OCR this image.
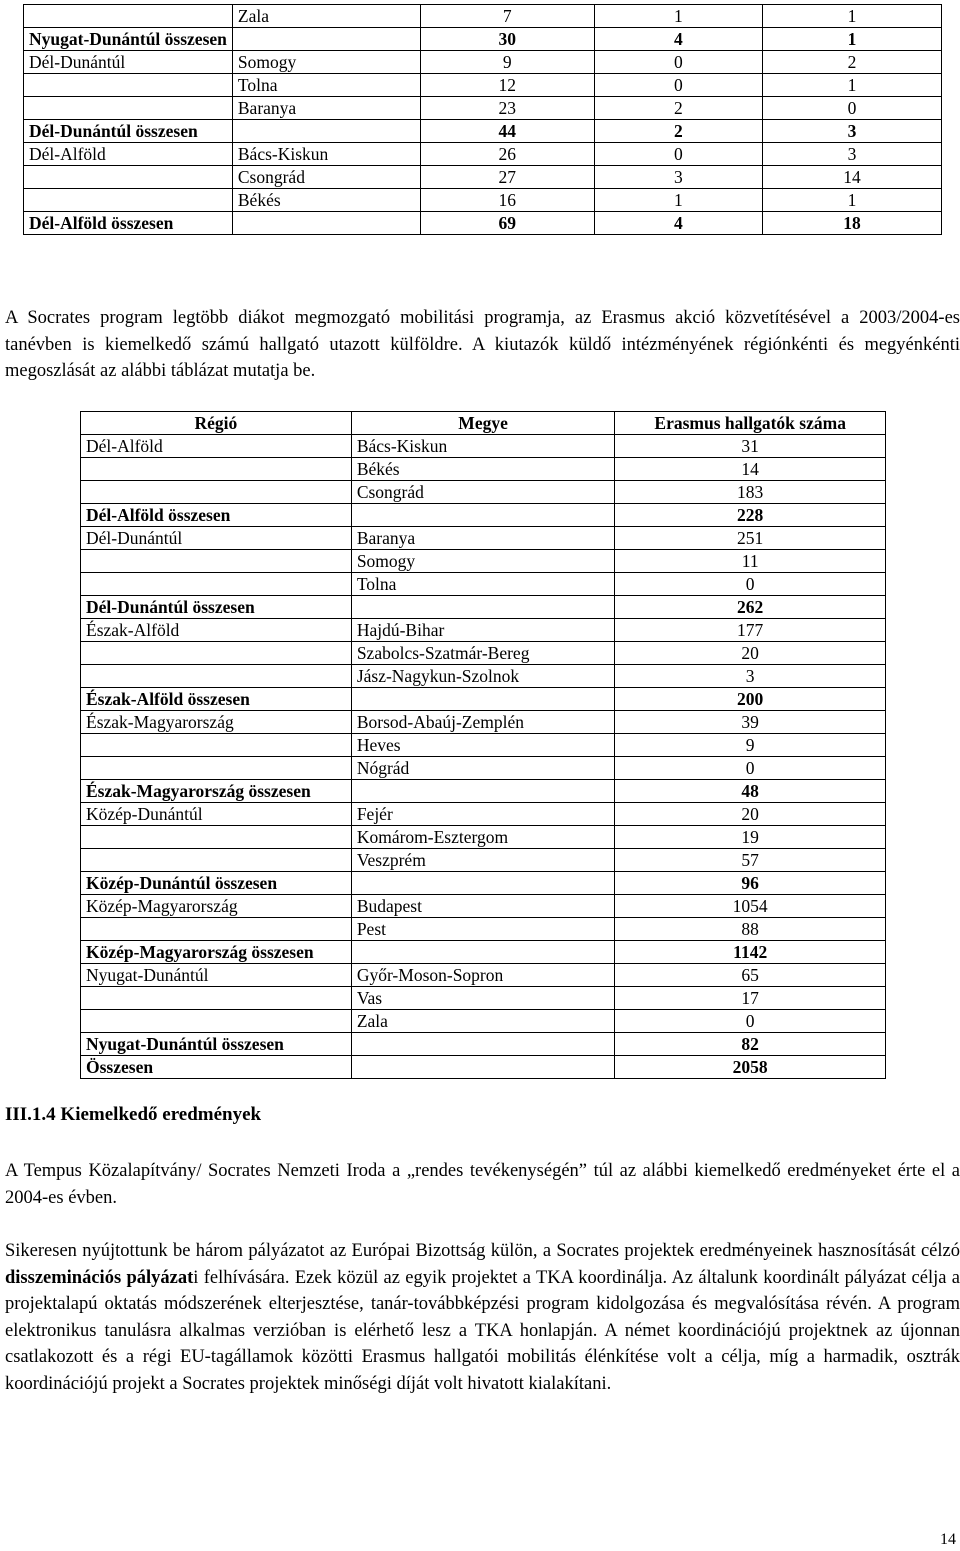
	Zala	7	1	1
Nyugat-Dunántúl összesen		30	4	1
Dél-Dunántúl	Somogy	9	0	2
	Tolna	12	0	1
	Baranya	23	2	0
Dél-Dunántúl összesen		44	2	3
Dél-Alföld	Bács-Kiskun	26	0	3
	Csongrád	27	3	14
	Békés	16	1	1
Dél-Alföld összesen		69	4	18

A Socrates program legtöbb diákot megmozgató mobilitási programja, az Erasmus akció közvetítésével a 2003/2004-es tanévben is kiemelkedő számú hallgató utazott külföldre. A kiutazók küldő intézményének régiónkénti és megyénkénti megoszlását az alábbi táblázat mutatja be.

Régió	Megye	Erasmus hallgatók száma
Dél-Alföld	Bács-Kiskun	31
	Békés	14
	Csongrád	183
Dél-Alföld összesen		228
Dél-Dunántúl	Baranya	251
	Somogy	11
	Tolna	0
Dél-Dunántúl összesen		262
Észak-Alföld	Hajdú-Bihar	177
	Szabolcs-Szatmár-Bereg	20
	Jász-Nagykun-Szolnok	3
Észak-Alföld összesen		200
Észak-Magyarország	Borsod-Abaúj-Zemplén	39
	Heves	9
	Nógrád	0
Észak-Magyarország összesen		48
Közép-Dunántúl	Fejér	20
	Komárom-Esztergom	19
	Veszprém	57
Közép-Dunántúl összesen		96
Közép-Magyarország	Budapest	1054
	Pest	88
Közép-Magyarország összesen		1142
Nyugat-Dunántúl	Győr-Moson-Sopron	65
	Vas	17
	Zala	0
Nyugat-Dunántúl összesen		82
Összesen		2058
III.1.4 Kiemelkedő eredmények

A Tempus Közalapítvány/ Socrates Nemzeti Iroda a „rendes tevékenységén” túl az alábbi kiemelkedő eredményeket érte el a 2004-es évben.

Sikeresen nyújtottunk be három pályázatot az Európai Bizottság külön, a Socrates projektek eredményeinek hasznosítását célzó disszeminációs pályázati felhívására. Ezek közül az egyik projektet a TKA koordinálja. Az általunk koordinált pályázat célja a projektalapú oktatás módszerének elterjesztése, tanár-továbbképzési program kidolgozása és megvalósítása révén. A program elektronikus tanulásra alkalmas verzióban is elérhető lesz a TKA honlapján. A német koordinációjú projektnek az újonnan csatlakozott és a régi EU-tagállamok közötti Erasmus hallgatói mobilitás élénkítése volt a célja, míg a harmadik, osztrák koordinációjú projekt a Socrates projektek minőségi díját volt hivatott kialakítani.

14
